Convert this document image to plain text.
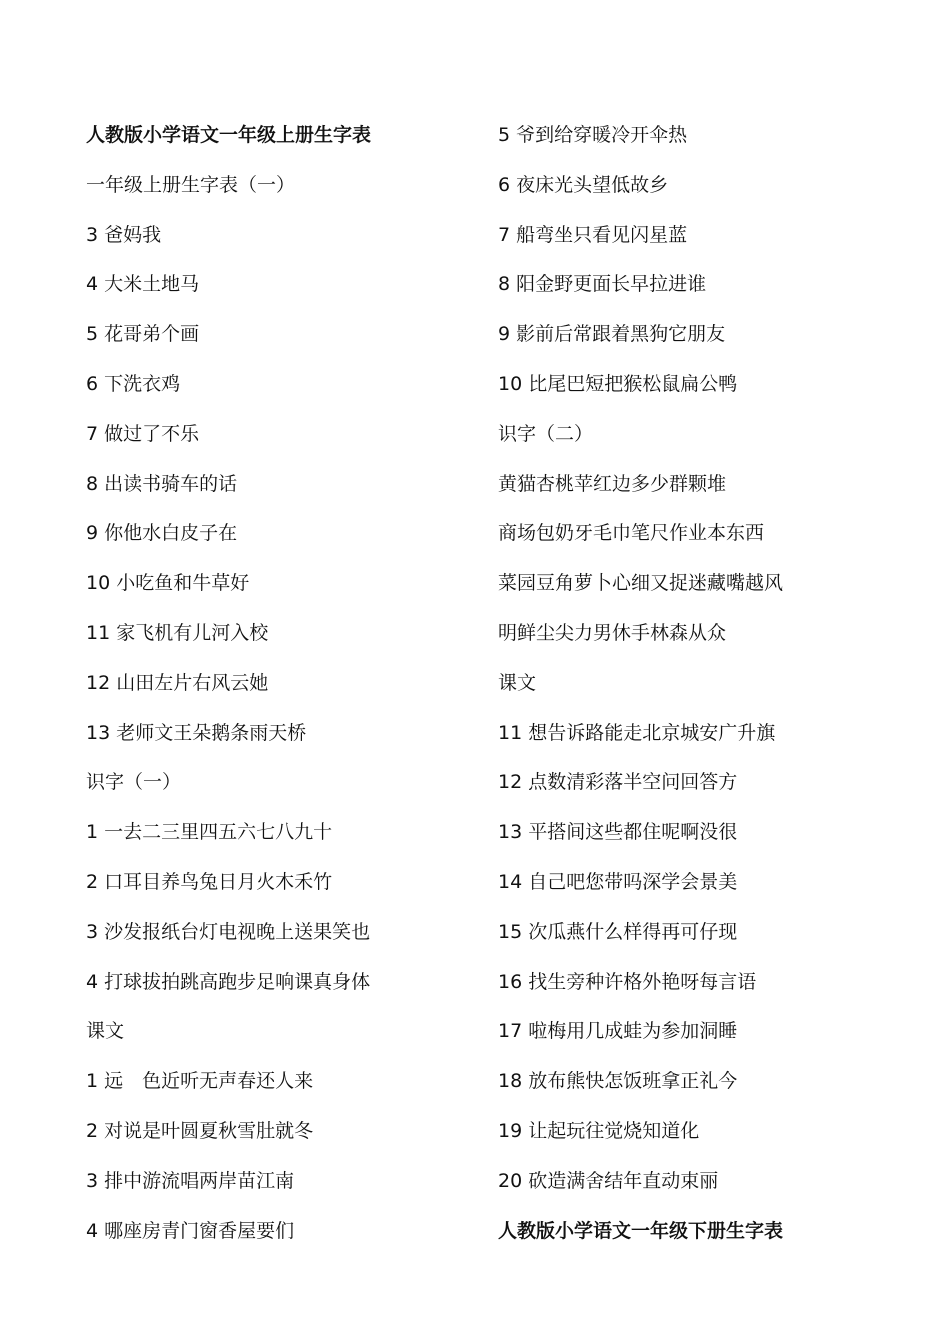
人教版小学语文一年级上册生字表
一年级上册生字表（一）
3 爸妈我
4 大米土地马
5 花哥弟个画
6 下洗衣鸡
7 做过了不乐
8 出读书骑车的话
9 你他水白皮子在
10 小吃鱼和牛草好
11 家飞机有儿河入校
12 山田左片右风云她
13 老师文王朵鹅条雨天桥
识字（一）
1 一去二三里四五六七八九十
2 口耳目养鸟兔日月火木禾竹
3 沙发报纸台灯电视晚上送果笑也
4 打球拔拍跳高跑步足响课真身体
课文
1 远　色近听无声春还人来
2 对说是叶圆夏秋雪肚就冬
3 排中游流唱两岸苗江南
4 哪座房青门窗香屋要们
5 爷到给穿暖冷开伞热
6 夜床光头望低故乡
7 船弯坐只看见闪星蓝
8 阳金野更面长早拉进谁
9 影前后常跟着黑狗它朋友
10 比尾巴短把猴松鼠扁公鸭
识字（二）
黄猫杏桃苹红边多少群颗堆
商场包奶牙毛巾笔尺作业本东西
菜园豆角萝卜心细又捉迷藏嘴越风
明鲜尘尖力男休手林森从众
课文
11 想告诉路能走北京城安广升旗
12 点数清彩落半空问回答方
13 平搭间这些都住呢啊没很
14 自己吧您带吗深学会景美
15 次瓜燕什么样得再可仔现
16 找生旁种许格外艳呀每言语
17 啦梅用几成蛙为参加洞睡
18 放布熊快怎饭班拿正礼今
19 让起玩往觉烧知道化
20 砍造满舍结年直动束丽
人教版小学语文一年级下册生字表
